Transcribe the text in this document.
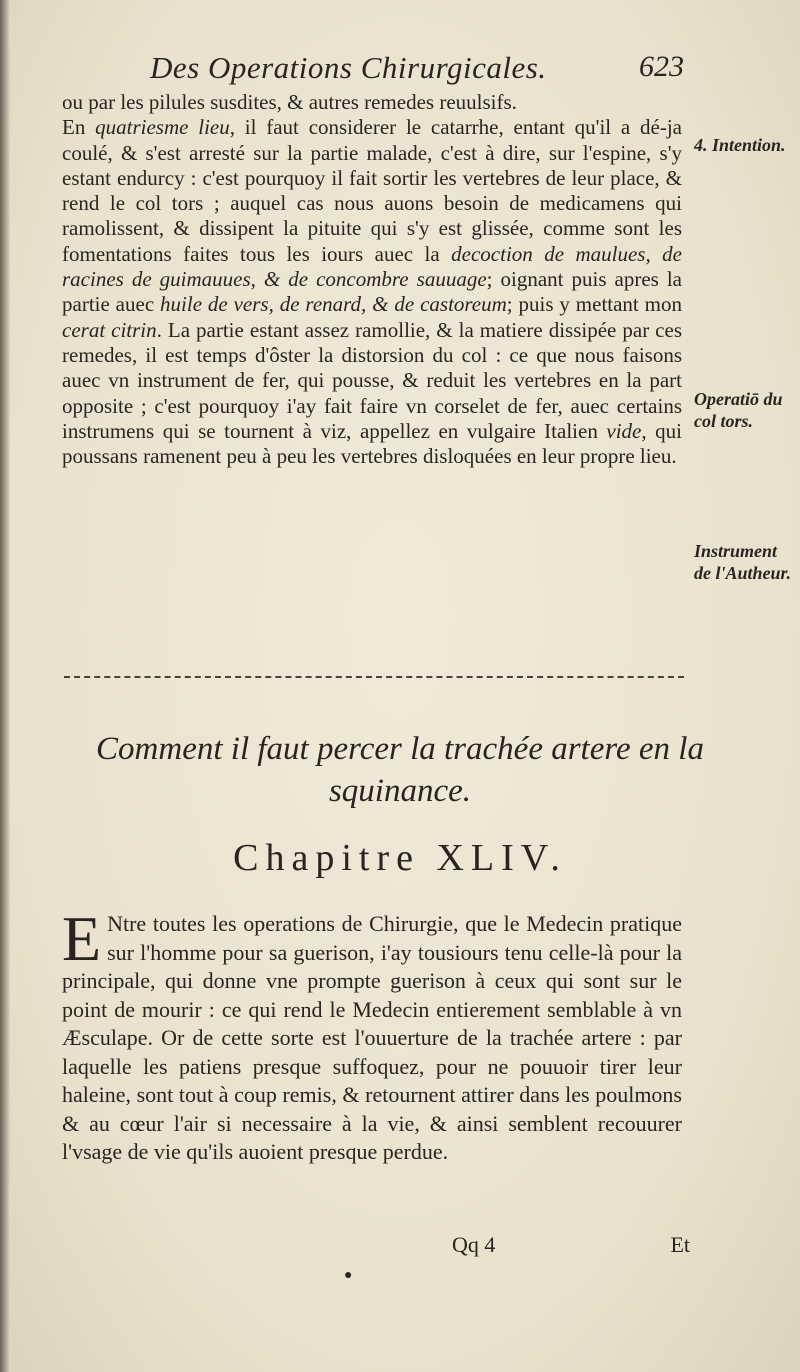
Des Operations Chirurgicales.	623

ou par les pilules susdites, & autres remedes reuulsifs.

En quatriesme lieu, il faut considerer le catarrhe, entant qu'il a dé-ja coulé, & s'est arresté sur la partie malade, c'est à dire, sur l'espine, s'y estant endurcy : c'est pourquoy il fait sortir les vertebres de leur place, & rend le col tors ; auquel cas nous auons besoin de medicamens qui ramolissent, & dissipent la pituite qui s'y est glissée, comme sont les fomentations faites tous les iours auec la decoction de maulues, de racines de guimauues, & de concombre sauuage; oignant puis apres la partie auec huile de vers, de renard, & de castoreum; puis y mettant mon cerat citrin. La partie estant assez ramollie, & la matiere dissipée par ces remedes, il est temps d'ôster la distorsion du col : ce que nous faisons auec vn instrument de fer, qui pousse, & reduit les vertebres en la part opposite ; c'est pourquoy i'ay fait faire vn corselet de fer, auec certains instrumens qui se tournent à viz, appellez en vulgaire Italien vide, qui poussans ramenent peu à peu les vertebres disloquées en leur propre lieu.

4. Intention.
Operatiō du col tors.
Instrument de l'Autheur.
Comment il faut percer la trachée artere en la squinance.
Chapitre XLIV.
E Ntre toutes les operations de Chirurgie, que le Medecin pratique sur l'homme pour sa guerison, i'ay tousiours tenu celle-là pour la principale, qui donne vne prompte guerison à ceux qui sont sur le point de mourir : ce qui rend le Medecin entierement semblable à vn Æsculape. Or de cette sorte est l'ouuerture de la trachée artere : par laquelle les patiens presque suffoquez, pour ne pouuoir tirer leur haleine, sont tout à coup remis, & retournent attirer dans les poulmons & au cœur l'air si necessaire à la vie, & ainsi semblent recouurer l'vsage de vie qu'ils auoient presque perdue.
Qq 4	Et
●
